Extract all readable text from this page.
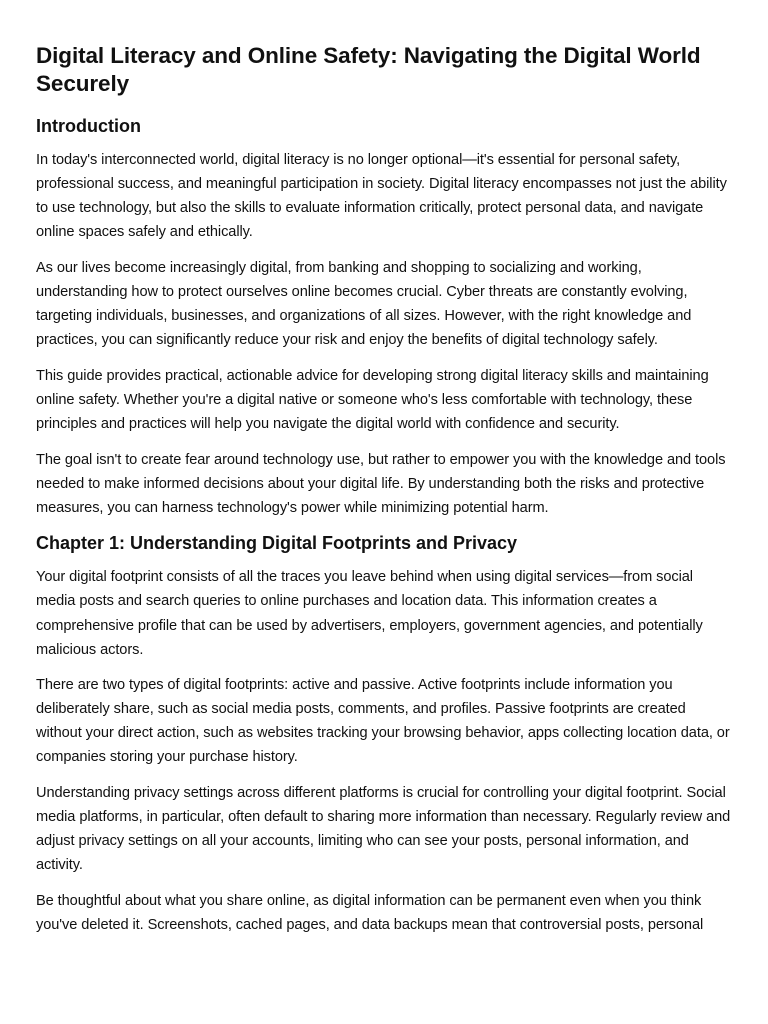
Digital Literacy and Online Safety: Navigating the Digital World Securely
Introduction

In today's interconnected world, digital literacy is no longer optional—it's essential for personal safety, professional success, and meaningful participation in society. Digital literacy encompasses not just the ability to use technology, but also the skills to evaluate information critically, protect personal data, and navigate online spaces safely and ethically.

As our lives become increasingly digital, from banking and shopping to socializing and working, understanding how to protect ourselves online becomes crucial. Cyber threats are constantly evolving, targeting individuals, businesses, and organizations of all sizes. However, with the right knowledge and practices, you can significantly reduce your risk and enjoy the benefits of digital technology safely.

This guide provides practical, actionable advice for developing strong digital literacy skills and maintaining online safety. Whether you're a digital native or someone who's less comfortable with technology, these principles and practices will help you navigate the digital world with confidence and security.

The goal isn't to create fear around technology use, but rather to empower you with the knowledge and tools needed to make informed decisions about your digital life. By understanding both the risks and protective measures, you can harness technology's power while minimizing potential harm.

Chapter 1: Understanding Digital Footprints and Privacy

Your digital footprint consists of all the traces you leave behind when using digital services—from social media posts and search queries to online purchases and location data. This information creates a comprehensive profile that can be used by advertisers, employers, government agencies, and potentially malicious actors.

There are two types of digital footprints: active and passive. Active footprints include information you deliberately share, such as social media posts, comments, and profiles. Passive footprints are created without your direct action, such as websites tracking your browsing behavior, apps collecting location data, or companies storing your purchase history.

Understanding privacy settings across different platforms is crucial for controlling your digital footprint. Social media platforms, in particular, often default to sharing more information than necessary. Regularly review and adjust privacy settings on all your accounts, limiting who can see your posts, personal information, and activity.

Be thoughtful about what you share online, as digital information can be permanent even when you think you've deleted it. Screenshots, cached pages, and data backups mean that controversial posts, personal
